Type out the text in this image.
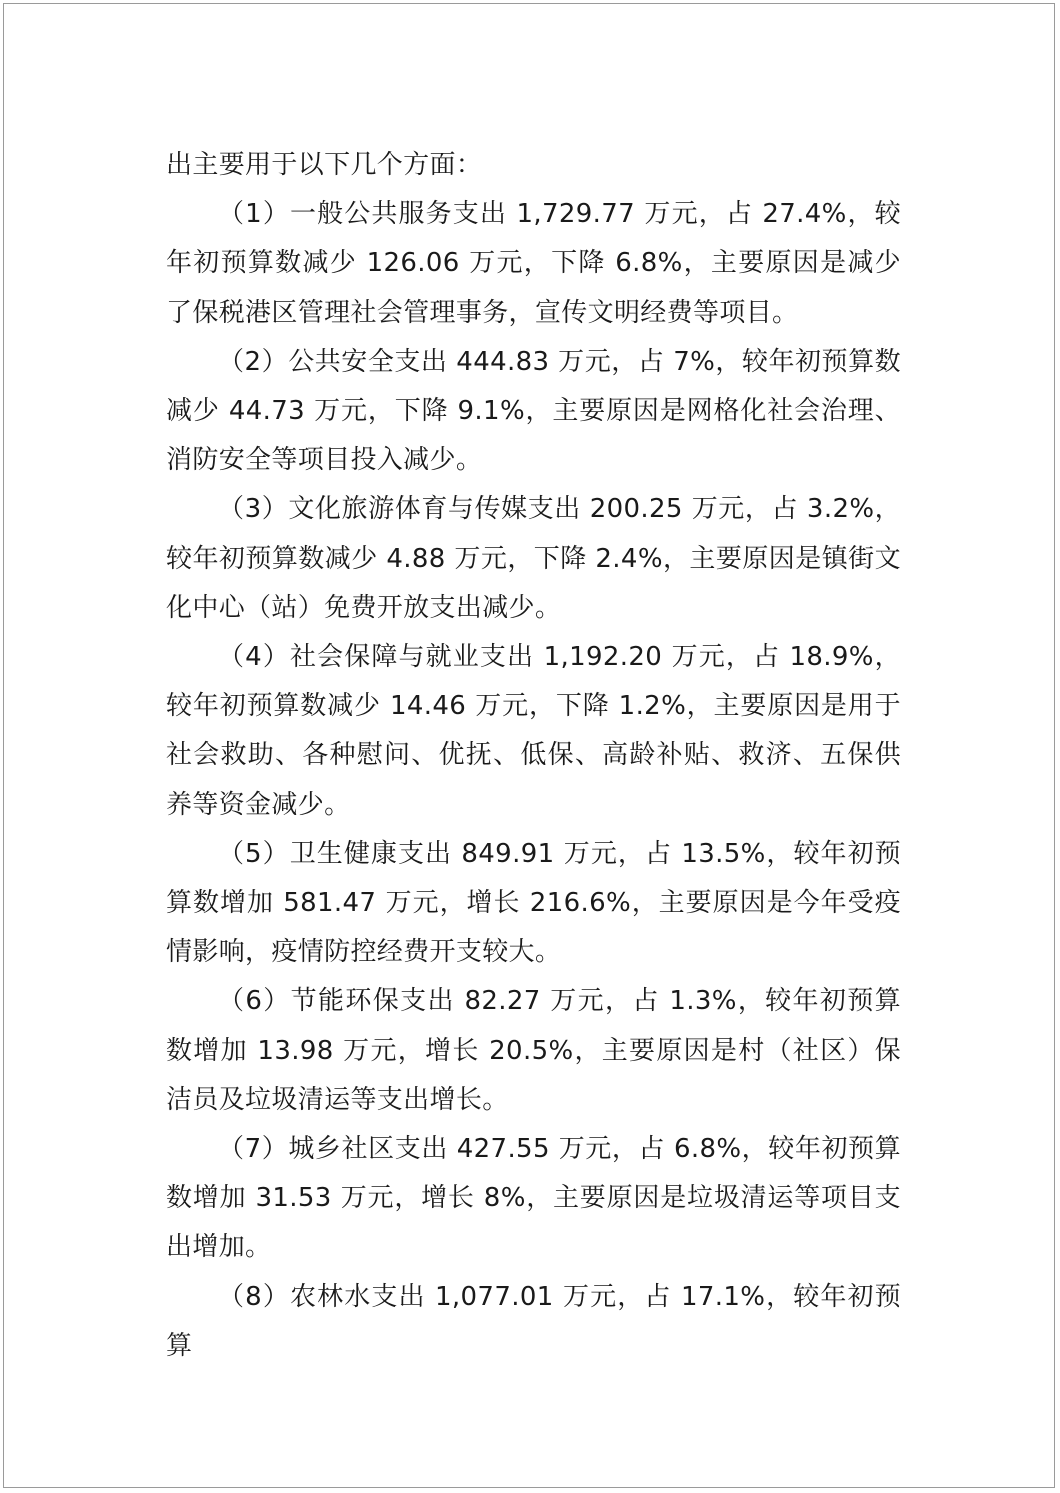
出主要用于以下几个方面：

（1）一般公共服务支出 1,729.77 万元，占 27.4%，较年初预算数减少 126.06 万元，下降 6.8%，主要原因是减少了保税港区管理社会管理事务，宣传文明经费等项目。

（2）公共安全支出 444.83 万元，占 7%，较年初预算数减少 44.73 万元，下降 9.1%，主要原因是网格化社会治理、消防安全等项目投入减少。

（3）文化旅游体育与传媒支出 200.25 万元，占 3.2%，较年初预算数减少 4.88 万元，下降 2.4%，主要原因是镇街文化中心（站）免费开放支出减少。

（4）社会保障与就业支出 1,192.20 万元，占 18.9%，较年初预算数减少 14.46 万元，下降 1.2%，主要原因是用于社会救助、各种慰问、优抚、低保、高龄补贴、救济、五保供养等资金减少。

（5）卫生健康支出 849.91 万元，占 13.5%，较年初预算数增加 581.47 万元，增长 216.6%，主要原因是今年受疫情影响，疫情防控经费开支较大。

（6）节能环保支出 82.27 万元，占 1.3%，较年初预算数增加 13.98 万元，增长 20.5%，主要原因是村（社区）保洁员及垃圾清运等支出增长。

（7）城乡社区支出 427.55 万元，占 6.8%，较年初预算数增加 31.53 万元，增长 8%，主要原因是垃圾清运等项目支出增加。

（8）农林水支出 1,077.01 万元，占 17.1%，较年初预算
